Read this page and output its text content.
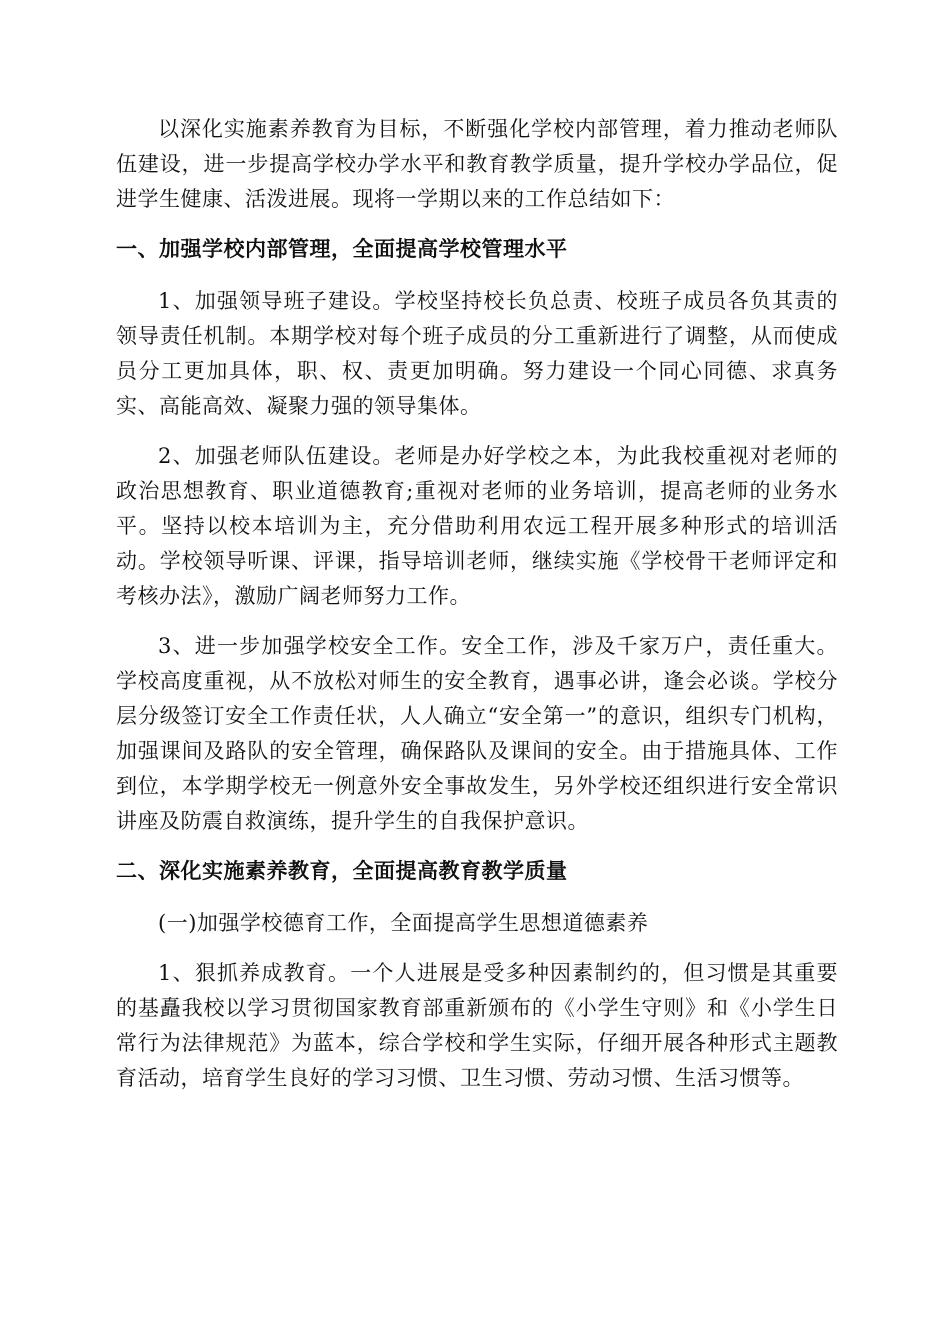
以深化实施素养教育为目标，不断强化学校内部管理，着力推动老师队伍建设，进一步提高学校办学水平和教育教学质量，提升学校办学品位，促进学生健康、活泼进展。现将一学期以来的工作总结如下：

一、加强学校内部管理，全面提高学校管理水平

1、加强领导班子建设。学校坚持校长负总责、校班子成员各负其责的领导责任机制。本期学校对每个班子成员的分工重新进行了调整，从而使成员分工更加具体，职、权、责更加明确。努力建设一个同心同德、求真务实、高能高效、凝聚力强的领导集体。

2、加强老师队伍建设。老师是办好学校之本，为此我校重视对老师的政治思想教育、职业道德教育;重视对老师的业务培训，提高老师的业务水平。坚持以校本培训为主，充分借助利用农远工程开展多种形式的培训活动。学校领导听课、评课，指导培训老师，继续实施《学校骨干老师评定和考核办法》，激励广阔老师努力工作。

3、进一步加强学校安全工作。安全工作，涉及千家万户，责任重大。学校高度重视，从不放松对师生的安全教育，遇事必讲，逢会必谈。学校分层分级签订安全工作责任状，人人确立“安全第一”的意识，组织专门机构，加强课间及路队的安全管理，确保路队及课间的安全。由于措施具体、工作到位，本学期学校无一例意外安全事故发生，另外学校还组织进行安全常识讲座及防震自救演练，提升学生的自我保护意识。

二、深化实施素养教育，全面提高教育教学质量

(一)加强学校德育工作，全面提高学生思想道德素养

1、狠抓养成教育。一个人进展是受多种因素制约的，但习惯是其重要的基矗我校以学习贯彻国家教育部重新颁布的《小学生守则》和《小学生日常行为法律规范》为蓝本，综合学校和学生实际，仔细开展各种形式主题教育活动，培育学生良好的学习习惯、卫生习惯、劳动习惯、生活习惯等。
